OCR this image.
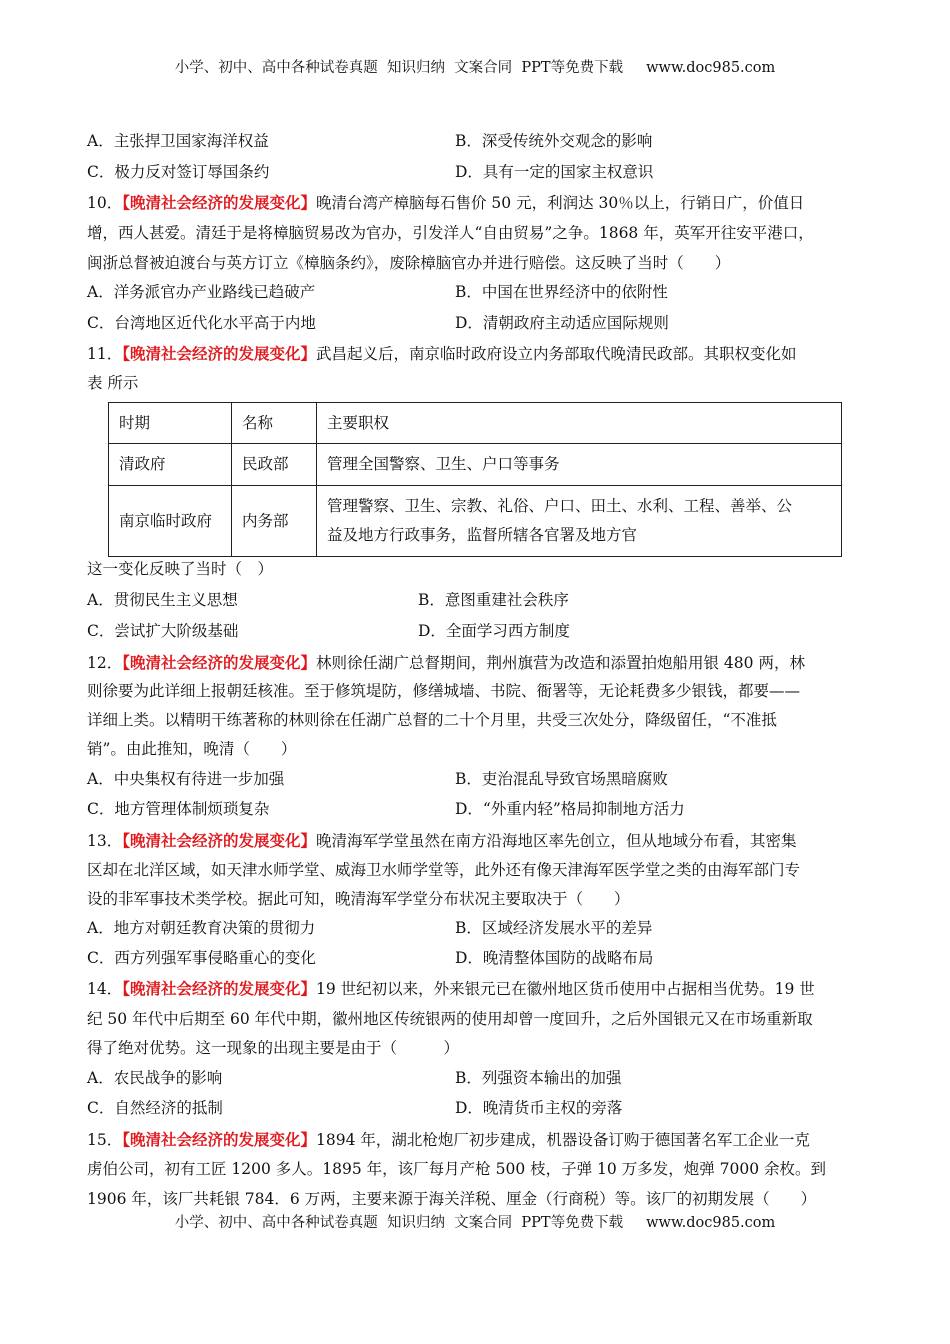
小学、初中、高中各种试卷真题  知识归纳  文案合同  PPT等免费下载     www.doc985.com
A．主张捍卫国家海洋权益	B．深受传统外交观念的影响
C．极力反对签订辱国条约	D．具有一定的国家主权意识
10．【晚清社会经济的发展变化】晚清台湾产樟脑每石售价 50 元，利润达 30％以上，行销日广，价值日
增，西人甚爱。清廷于是将樟脑贸易改为官办，引发洋人“自由贸易”之争。1868 年，英军开往安平港口，
闽浙总督被迫渡台与英方订立《樟脑条约》，废除樟脑官办并进行赔偿。这反映了当时（　　）
A．洋务派官办产业路线已趋破产	B．中国在世界经济中的依附性
C．台湾地区近代化水平高于内地	D．清朝政府主动适应国际规则
11．【晚清社会经济的发展变化】武昌起义后，南京临时政府设立内务部取代晚清民政部。其职权变化如
表 所示
时期	名称	主要职权
清政府	民政部	管理全国警察、卫生、户口等事务
南京临时政府	内务部	管理警察、卫生、宗教、礼俗、户口、田土、水利、工程、善举、公
益及地方行政事务，监督所辖各官署及地方官
这一变化反映了当时（　）
A．贯彻民生主义思想	B．意图重建社会秩序
C．尝试扩大阶级基础	D．全面学习西方制度
12．【晚清社会经济的发展变化】林则徐任湖广总督期间，荆州旗营为改造和添置拍炮船用银 480 两，林
则徐要为此详细上报朝廷核准。至于修筑堤防，修缮城墙、书院、衙署等，无论耗费多少银钱，都要——
详细上类。以精明干练著称的林则徐在任湖广总督的二十个月里，共受三次处分，降级留任，“不准抵
销”。由此推知，晚清（　　）
A．中央集权有待进一步加强	B．吏治混乱导致官场黑暗腐败
C．地方管理体制烦琐复杂	D．“外重内轻”格局抑制地方活力
13．【晚清社会经济的发展变化】晚清海军学堂虽然在南方沿海地区率先创立，但从地域分布看，其密集
区却在北洋区域，如天津水师学堂、威海卫水师学堂等，此外还有像天津海军医学堂之类的由海军部门专
设的非军事技术类学校。据此可知，晚清海军学堂分布状况主要取决于（　　）
A．地方对朝廷教育决策的贯彻力	B．区域经济发展水平的差异
C．西方列强军事侵略重心的变化	D．晚清整体国防的战略布局
14．【晚清社会经济的发展变化】19 世纪初以来，外来银元已在徽州地区货币使用中占据相当优势。19 世
纪 50 年代中后期至 60 年代中期，徽州地区传统银两的使用却曾一度回升，之后外国银元又在市场重新取
得了绝对优势。这一现象的出现主要是由于（　　　）
A．农民战争的影响	B．列强资本输出的加强
C．自然经济的抵制	D．晚清货币主权的旁落
15．【晚清社会经济的发展变化】1894 年，湖北枪炮厂初步建成，机器设备订购于德国著名军工企业一克
虏伯公司，初有工匠 1200 多人。1895 年，该厂每月产枪 500 枝，子弹 10 万多发，炮弹 7000 余枚。到
1906 年，该厂共耗银 784．6 万两，主要来源于海关洋税、厘金（行商税）等。该厂的初期发展（　　）
小学、初中、高中各种试卷真题  知识归纳  文案合同  PPT等免费下载     www.doc985.com
